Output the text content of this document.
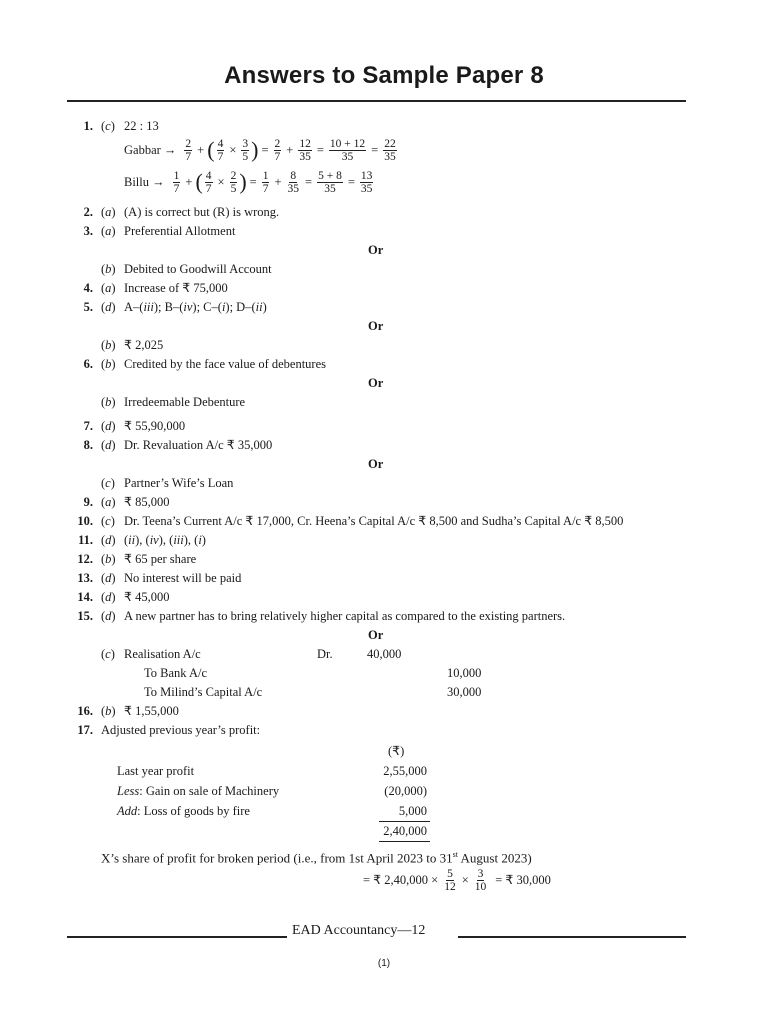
Answers to Sample Paper 8
1. (c) 22 : 13
Gabbar → $\frac{2}{7}$ + ( $\frac{4}{7} \times \frac{3}{5}$ ) = $\frac{2}{7} + \frac{12}{35} = \frac{10 + 12}{35} = \frac{22}{35}$
Billu → $\frac{1}{7}$ + ( $\frac{4}{7} \times \frac{2}{5}$ ) = $\frac{1}{7} + \frac{8}{35} = \frac{5 + 8}{35} = \frac{13}{35}$
2. (a) (A) is correct but (R) is wrong.
3. (a) Preferential Allotment
Or
(b) Debited to Goodwill Account
4. (a) Increase of ₹ 75,000
5. (d) A–(iii); B–(iv); C–(i); D–(ii)
Or
(b) ₹ 2,025
6. (b) Credited by the face value of debentures
Or
(b) Irredeemable Debenture
7. (d) ₹ 55,90,000
8. (d) Dr. Revaluation A/c ₹ 35,000
Or
(c) Partner’s Wife’s Loan
9. (a) ₹ 85,000
10. (c) Dr. Teena’s Current A/c ₹ 17,000, Cr. Heena’s Capital A/c ₹ 8,500 and Sudha’s Capital A/c ₹ 8,500
11. (d) (ii), (iv), (iii), (i)
12. (b) ₹ 65 per share
13. (d) No interest will be paid
14. (d) ₹ 45,000
15. (d) A new partner has to bring relatively higher capital as compared to the existing partners.
Or
(c) Realisation A/c	Dr.	40,000
To Bank A/c	10,000
To Milind’s Capital A/c	30,000
16. (b) ₹ 1,55,000
17. Adjusted previous year’s profit:
(₹)
Last year profit	2,55,000
Less: Gain on sale of Machinery	(20,000)
Add: Loss of goods by fire	5,000
2,40,000
X’s share of profit for broken period (i.e., from 1st April 2023 to 31st August 2023)
= ₹ $2,40,000 \times \frac{5}{12} \times \frac{3}{10}$ = ₹ 30,000
EAD Accountancy—12
(1)
